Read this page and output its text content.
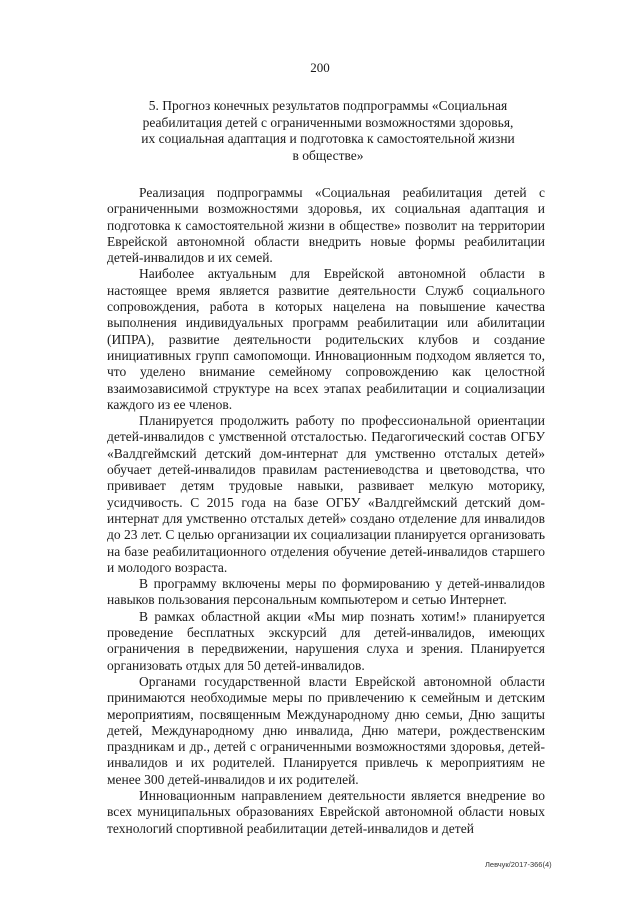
200
5. Прогноз конечных результатов подпрограммы «Социальная
реабилитация детей с ограниченными возможностями здоровья,
их социальная адаптация и подготовка к самостоятельной жизни
в обществе»

Реализация подпрограммы «Социальная реабилитация детей с ограниченными возможностями здоровья, их социальная адаптация и подготовка к самостоятельной жизни в обществе» позволит на территории Еврейской автономной области внедрить новые формы реабилитации детей-инвалидов и их семей.

Наиболее актуальным для Еврейской автономной области в настоящее время является развитие деятельности Служб социального сопровождения, работа в которых нацелена на повышение качества выполнения индивидуальных программ реабилитации или абилитации (ИПРА), развитие деятельности родительских клубов и создание инициативных групп самопомощи. Инновационным подходом является то, что уделено внимание семейному сопровождению как целостной взаимозависимой структуре на всех этапах реабилитации и социализации каждого из ее членов.

Планируется продолжить работу по профессиональной ориентации детей-инвалидов с умственной отсталостью. Педагогический состав ОГБУ «Валдгеймский детский дом-интернат для умственно отсталых детей» обучает детей-инвалидов правилам растениеводства и цветоводства, что прививает детям трудовые навыки, развивает мелкую моторику, усидчивость. С 2015 года на базе ОГБУ «Валдгеймский детский дом-интернат для умственно отсталых детей» создано отделение для инвалидов до 23 лет. С целью организации их социализации планируется организовать на базе реабилитационного отделения обучение детей-инвалидов старшего и молодого возраста.

В программу включены меры по формированию у детей-инвалидов навыков пользования персональным компьютером и сетью Интернет.

В рамках областной акции «Мы мир познать хотим!» планируется проведение бесплатных экскурсий для детей-инвалидов, имеющих ограничения в передвижении, нарушения слуха и зрения. Планируется организовать отдых для 50 детей-инвалидов.

Органами государственной власти Еврейской автономной области принимаются необходимые меры по привлечению к семейным и детским мероприятиям, посвященным Международному дню семьи, Дню защиты детей, Международному дню инвалида, Дню матери, рождественским праздникам и др., детей с ограниченными возможностями здоровья, детей-инвалидов и их родителей. Планируется привлечь к мероприятиям не менее 300 детей-инвалидов и их родителей.

Инновационным направлением деятельности является внедрение во всех муниципальных образованиях Еврейской автономной области новых технологий спортивной реабилитации детей-инвалидов и детей

Левчук/2017-366(4)
